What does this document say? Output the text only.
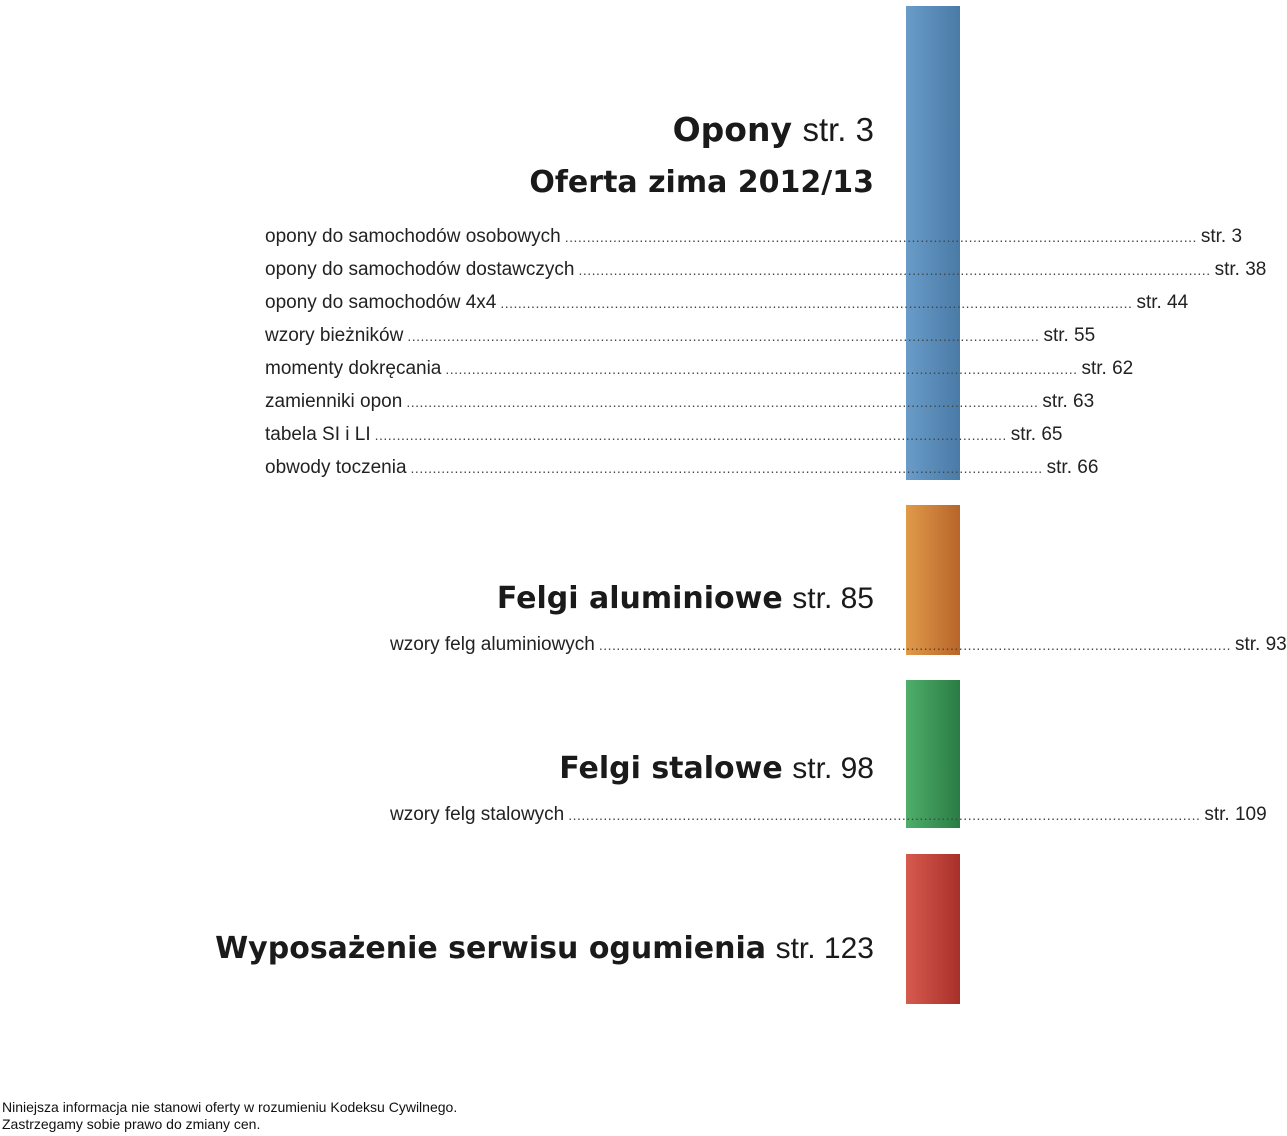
Opony str. 3
Oferta zima 2012/13
opony do samochodów osobowych ................................................................................................................................................ str. 3
opony do samochodów dostawczych ................................................................................................................................................ str. 38
opony do samochodów 4x4 ................................................................................................................................................ str. 44
wzory bieżników ................................................................................................................................................ str. 55
momenty dokręcania ................................................................................................................................................ str. 62
zamienniki opon ................................................................................................................................................ str. 63
tabela SI i LI ................................................................................................................................................ str. 65
obwody toczenia ................................................................................................................................................ str. 66
Felgi aluminiowe str. 85
wzory felg aluminiowych ................................................................................................................................................ str. 93
Felgi stalowe str. 98
wzory felg stalowych ................................................................................................................................................ str. 109
Wyposażenie serwisu ogumienia str. 123
Niniejsza informacja nie stanowi oferty w rozumieniu Kodeksu Cywilnego.
Zastrzegamy sobie prawo do zmiany cen.
